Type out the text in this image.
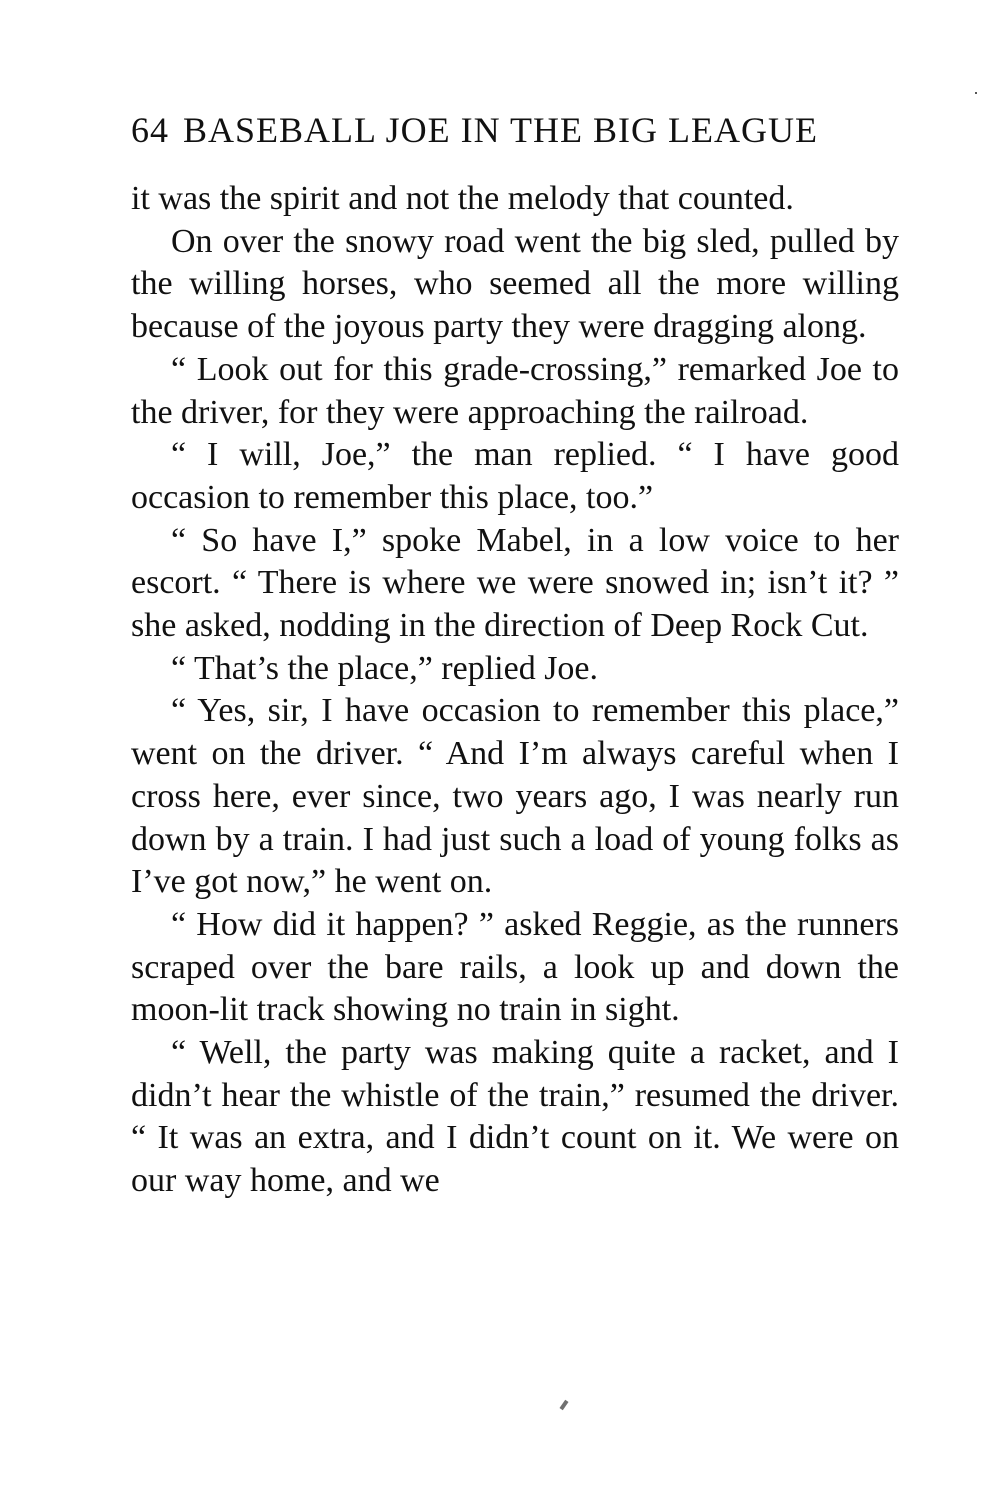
64 BASEBALL JOE IN THE BIG LEAGUE

it was the spirit and not the melody that counted.

On over the snowy road went the big sled, pulled by the willing horses, who seemed all the more willing because of the joyous party they were dragging along.

“ Look out for this grade-crossing,” remarked Joe to the driver, for they were approaching the railroad.

“ I will, Joe,” the man replied. “ I have good occasion to remember this place, too.”

“ So have I,” spoke Mabel, in a low voice to her escort. “ There is where we were snowed in; isn’t it? ” she asked, nodding in the direction of Deep Rock Cut.

“ That’s the place,” replied Joe.

“ Yes, sir, I have occasion to remember this place,” went on the driver. “ And I’m always careful when I cross here, ever since, two years ago, I was nearly run down by a train. I had just such a load of young folks as I’ve got now,” he went on.

“ How did it happen? ” asked Reggie, as the runners scraped over the bare rails, a look up and down the moon-lit track showing no train in sight.

“ Well, the party was making quite a racket, and I didn’t hear the whistle of the train,” resumed the driver. “ It was an extra, and I didn’t count on it. We were on our way home, and we
